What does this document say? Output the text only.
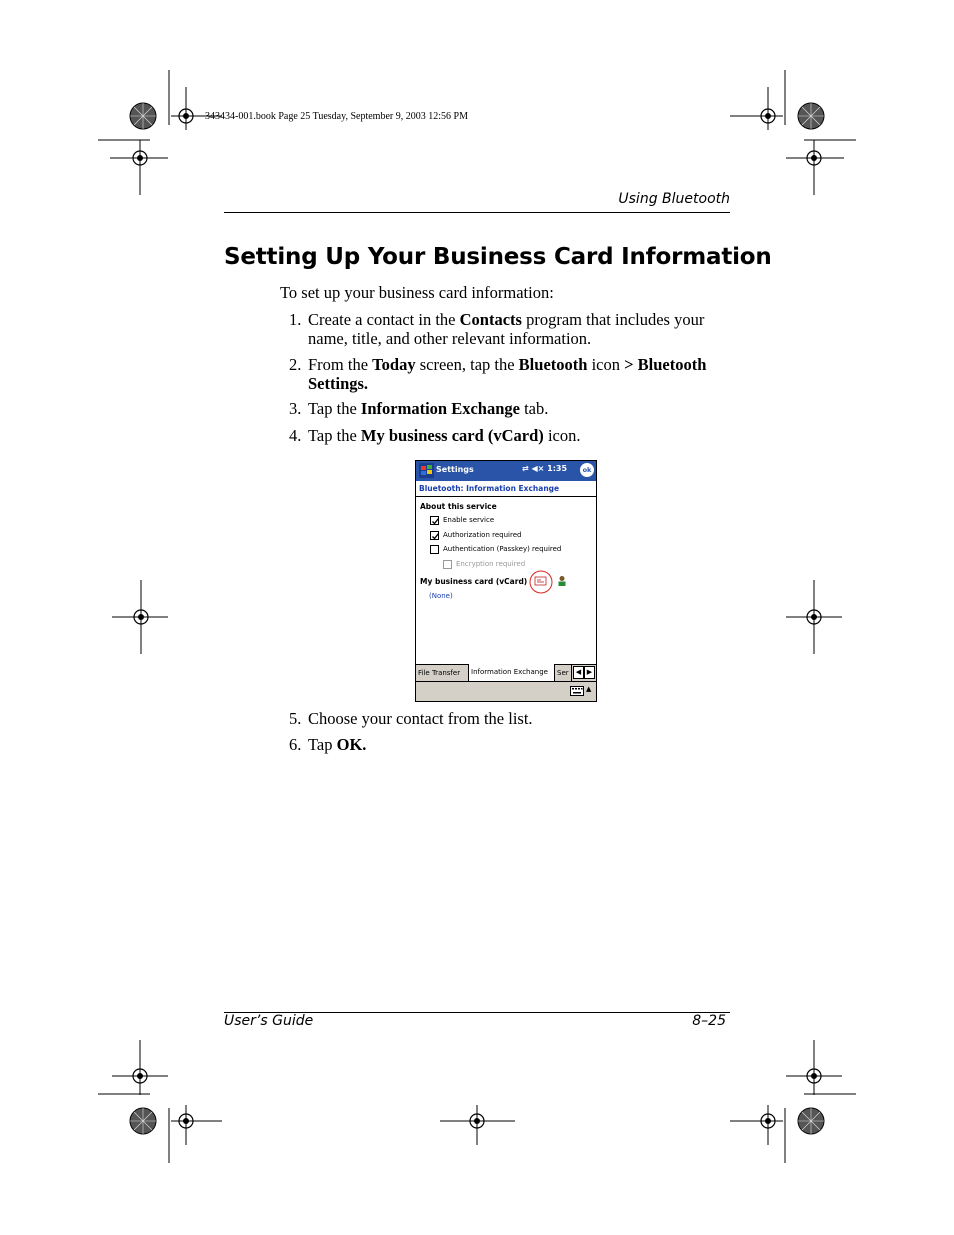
343434-001.book Page 25 Tuesday, September 9, 2003 12:56 PM
Using Bluetooth
Setting Up Your Business Card Information
To set up your business card information:
1. Create a contact in the Contacts program that includes your name, title, and other relevant information.
2. From the Today screen, tap the Bluetooth icon > Bluetooth Settings.
3. Tap the Information Exchange tab.
4. Tap the My business card (vCard) icon.
Settings	⇄ ◀× 1:35	ok
Bluetooth: Information Exchange
About this service
Enable service
Authorization required
Authentication (Passkey) required
Encryption required
My business card (vCard)
(None)
File Transfer	Information Exchange	Ser	◀ ▶
▲
5. Choose your contact from the list.
6. Tap OK.
User’s Guide	8–25
